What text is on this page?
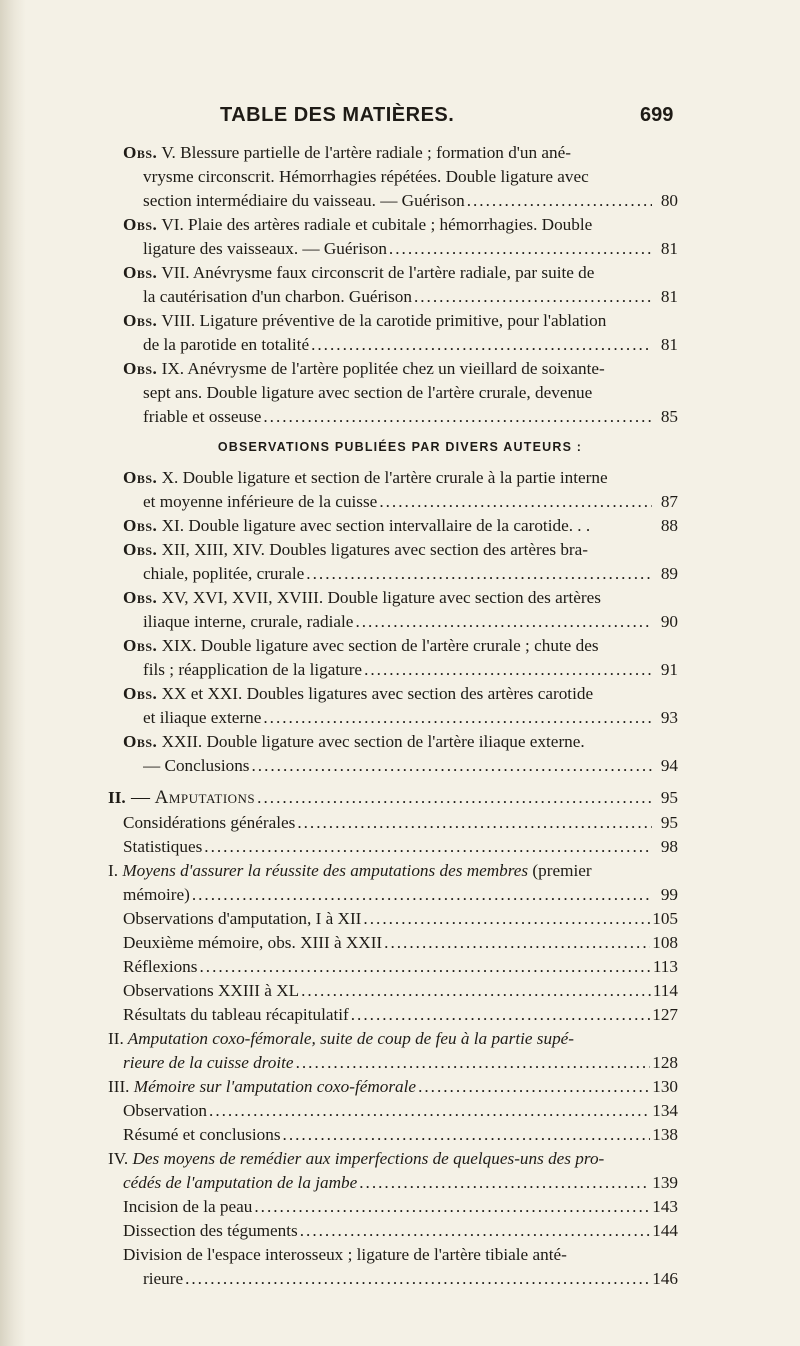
TABLE DES MATIÈRES.	699
Obs. V. Blessure partielle de l'artère radiale ; formation d'un ané-
vrysme circonscrit. Hémorrhagies répétées. Double ligature avec
section intermédiaire du vaisseau. — Guérison .....	80
Obs. VI. Plaie des artères radiale et cubitale ; hémorrhagies. Double
ligature des vaisseaux. — Guérison .....	81
Obs. VII. Anévrysme faux circonscrit de l'artère radiale, par suite de
la cautérisation d'un charbon. Guérison .....	81
Obs. VIII. Ligature préventive de la carotide primitive, pour l'ablation
de la parotide en totalité .....	81
Obs. IX. Anévrysme de l'artère poplitée chez un vieillard de soixante-
sept ans. Double ligature avec section de l'artère crurale, devenue
friable et osseuse .....	85
OBSERVATIONS PUBLIÉES PAR DIVERS AUTEURS :
Obs. X. Double ligature et section de l'artère crurale à la partie interne
et moyenne inférieure de la cuisse .....	87
Obs. XI. Double ligature avec section intervallaire de la carotide. . .	88
Obs. XII, XIII, XIV. Doubles ligatures avec section des artères bra-
chiale, poplitée, crurale .....	89
Obs. XV, XVI, XVII, XVIII. Double ligature avec section des artères
iliaque interne, crurale, radiale .....	90
Obs. XIX. Double ligature avec section de l'artère crurale ; chute des
fils ; réapplication de la ligature .....	91
Obs. XX et XXI. Doubles ligatures avec section des artères carotide
et iliaque externe .....	93
Obs. XXII. Double ligature avec section de l'artère iliaque externe.
— Conclusions .....	94
II. — Amputations .....	95
Considérations générales .....	95
Statistiques .....	98
I. Moyens d'assurer la réussite des amputations des membres (premier
mémoire) .....	99
Observations d'amputation, I à XII .....	105
Deuxième mémoire, obs. XIII à XXII .....	108
Réflexions .....	113
Observations XXIII à XL .....	114
Résultats du tableau récapitulatif .....	127
II. Amputation coxo-fémorale, suite de coup de feu à la partie supé-
rieure de la cuisse droite .....	128
III. Mémoire sur l'amputation coxo-fémorale .....	130
Observation .....	134
Résumé et conclusions .....	138
IV. Des moyens de remédier aux imperfections de quelques-uns des pro-
cédés de l'amputation de la jambe .....	139
Incision de la peau .....	143
Dissection des téguments .....	144
Division de l'espace interosseux ; ligature de l'artère tibiale anté-
rieure .....	146
